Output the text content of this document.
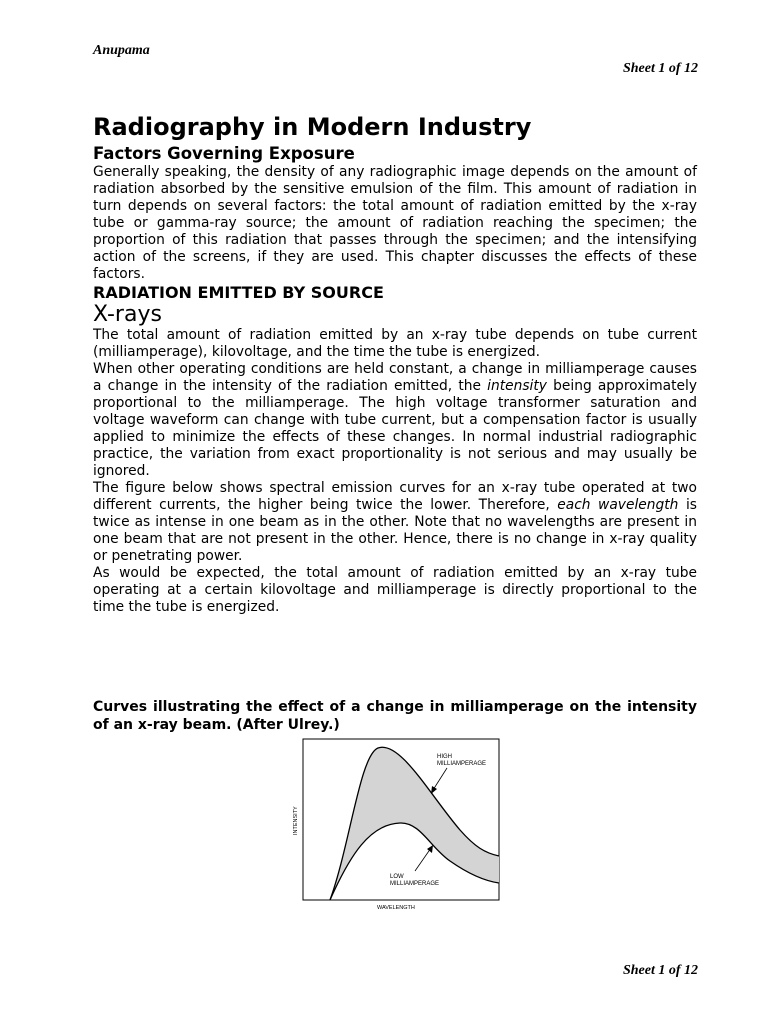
Anupama
Sheet 1 of 12
Radiography in Modern Industry
Factors Governing Exposure

Generally speaking, the density of any radiographic image depends on the amount of radiation absorbed by the sensitive emulsion of the film. This amount of radiation in turn depends on several factors: the total amount of radiation emitted by the x-ray tube or gamma-ray source; the amount of radiation reaching the specimen; the proportion of this radiation that passes through the specimen; and the intensifying action of the screens, if they are used. This chapter discusses the effects of these factors.

RADIATION EMITTED BY SOURCE
X-rays

The total amount of radiation emitted by an x-ray tube depends on tube current (milliamperage), kilovoltage, and the time the tube is energized.

When other operating conditions are held constant, a change in milliamperage causes a change in the intensity of the radiation emitted, the intensity being approximately proportional to the milliamperage. The high voltage transformer saturation and voltage waveform can change with tube current, but a compensation factor is usually applied to minimize the effects of these changes. In normal industrial radiographic practice, the variation from exact proportionality is not serious and may usually be ignored.

The figure below shows spectral emission curves for an x-ray tube operated at two different currents, the higher being twice the lower. Therefore, each wavelength is twice as intense in one beam as in the other. Note that no wavelengths are present in one beam that are not present in the other. Hence, there is no change in x-ray quality or penetrating power.

As would be expected, the total amount of radiation emitted by an x-ray tube operating at a certain kilovoltage and milliamperage is directly proportional to the time the tube is energized.

Curves illustrating the effect of a change in milliamperage on the intensity of an x-ray beam. (After Ulrey.)

HIGH
MILLIAMPERAGE
LOW
MILLIAMPERAGE
INTENSITY
WAVELENGTH
Sheet 1 of 12
